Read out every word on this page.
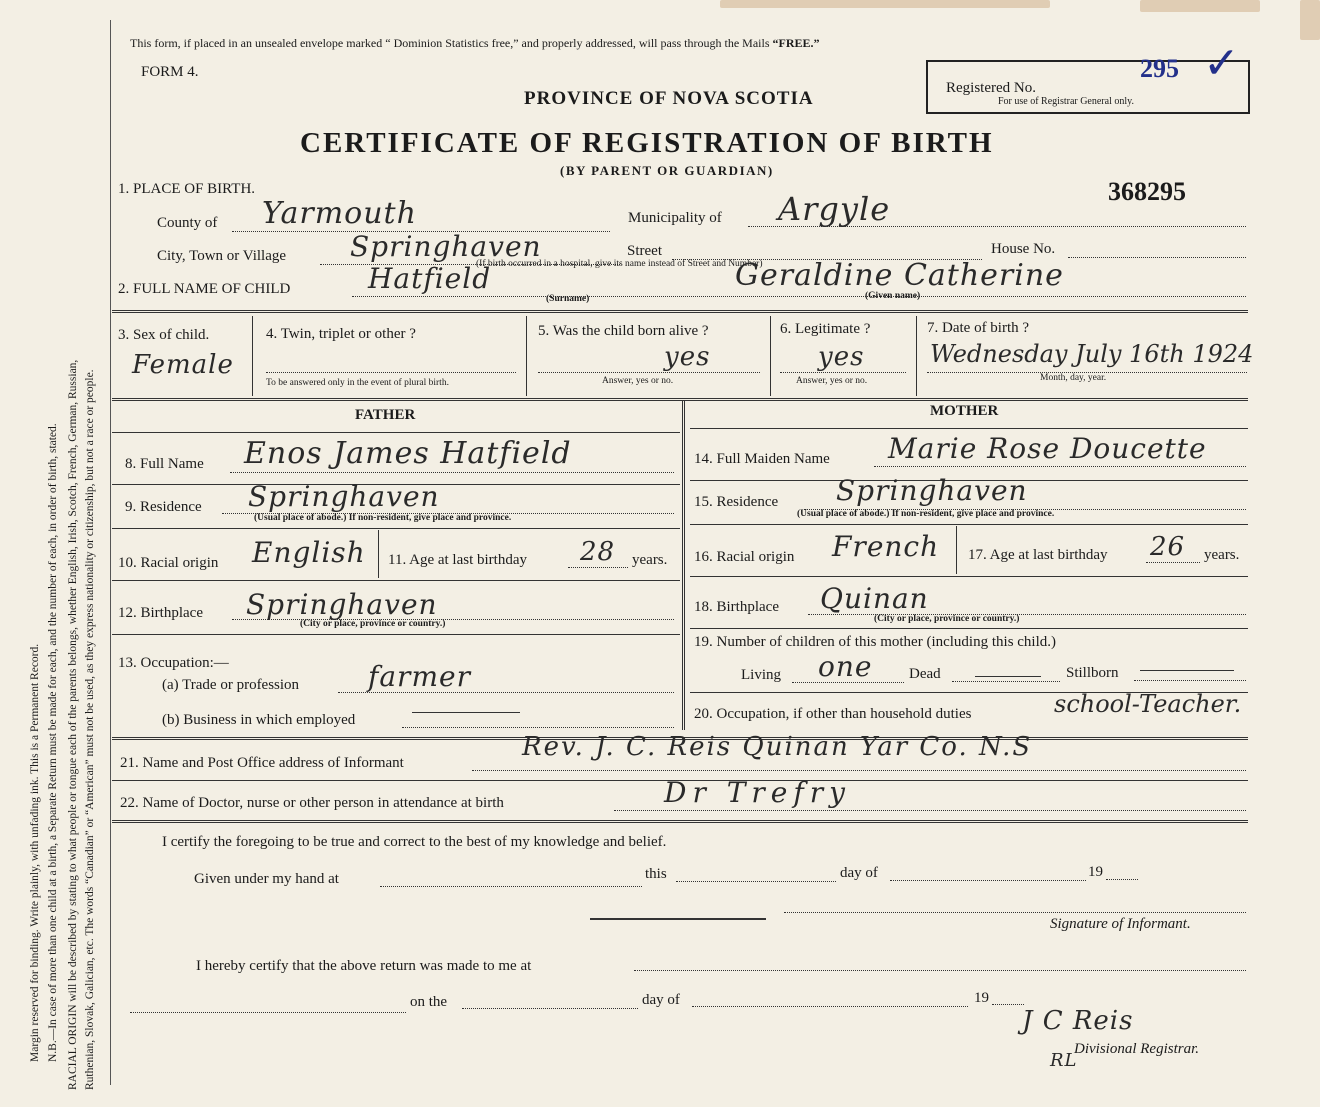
Margin reserved for binding. Write plainly, with unfading ink. This is a Permanent Record. N.B.—In case of more than one child at a birth, a Separate Return must be made for each, and the number of each, in order of birth, stated. RACIAL ORIGIN will be described by stating to what people or tongue each of the parents belongs, whether English, Irish, Scotch, French, German, Russian, Ruthenian, Slovak, Galician, etc. The words “Canadian” or “American” must not be used, as they express nationality or citizenship, but not a race or people.
This form, if placed in an unsealed envelope marked “ Dominion Statistics free,” and properly addressed, will pass through the Mails “FREE.”
FORM 4.
PROVINCE OF NOVA SCOTIA
CERTIFICATE OF REGISTRATION OF BIRTH
(BY PARENT OR GUARDIAN)
Registered No.
For use of Registrar General only.
295 ✓
368295
1. PLACE OF BIRTH.
County of Yarmouth	Municipality of Argyle
City, Town or Village Springhaven	Street	House No.
(If birth occurred in a hospital, give its name instead of Street and Number)
2. FULL NAME OF CHILD	Hatfield
(Surname)
Geraldine Catherine
(Given name)
3. Sex of child.
Female
4. Twin, triplet or other ?
To be answered only in the event of plural birth.
5. Was the child born alive ?
yes
Answer, yes or no.
6. Legitimate ?
yes
Answer, yes or no.
7. Date of birth ?
Wednesday July 16th 1924
Month, day, year.
FATHER	MOTHER
8. Full Name Enos James Hatfield
9. Residence Springhaven
(Usual place of abode.) If non-resident, give place and province.
10. Racial origin English 11. Age at last birthday 28 years.
12. Birthplace Springhaven
(City or place, province or country.)
13. Occupation:—
(a) Trade or profession farmer
(b) Business in which employed
14. Full Maiden Name Marie Rose Doucette
15. Residence Springhaven
(Usual place of abode.) If non-resident, give place and province.
16. Racial origin French 17. Age at last birthday 26 years.
18. Birthplace Quinan
(City or place, province or country.)
19. Number of children of this mother (including this child.)
Living one Dead	Stillborn
20. Occupation, if other than household duties	school-Teacher.
21. Name and Post Office address of Informant
Rev. J. C. Reis Quinan Yar Co. N.S
22. Name of Doctor, nurse or other person in attendance at birth	Dr Trefry
I certify the foregoing to be true and correct to the best of my knowledge and belief.
Given under my hand at	this	day of	19
Signature of Informant.
I hereby certify that the above return was made to me at
on the	day of	19
J C Reis
Divisional Registrar.
RL
